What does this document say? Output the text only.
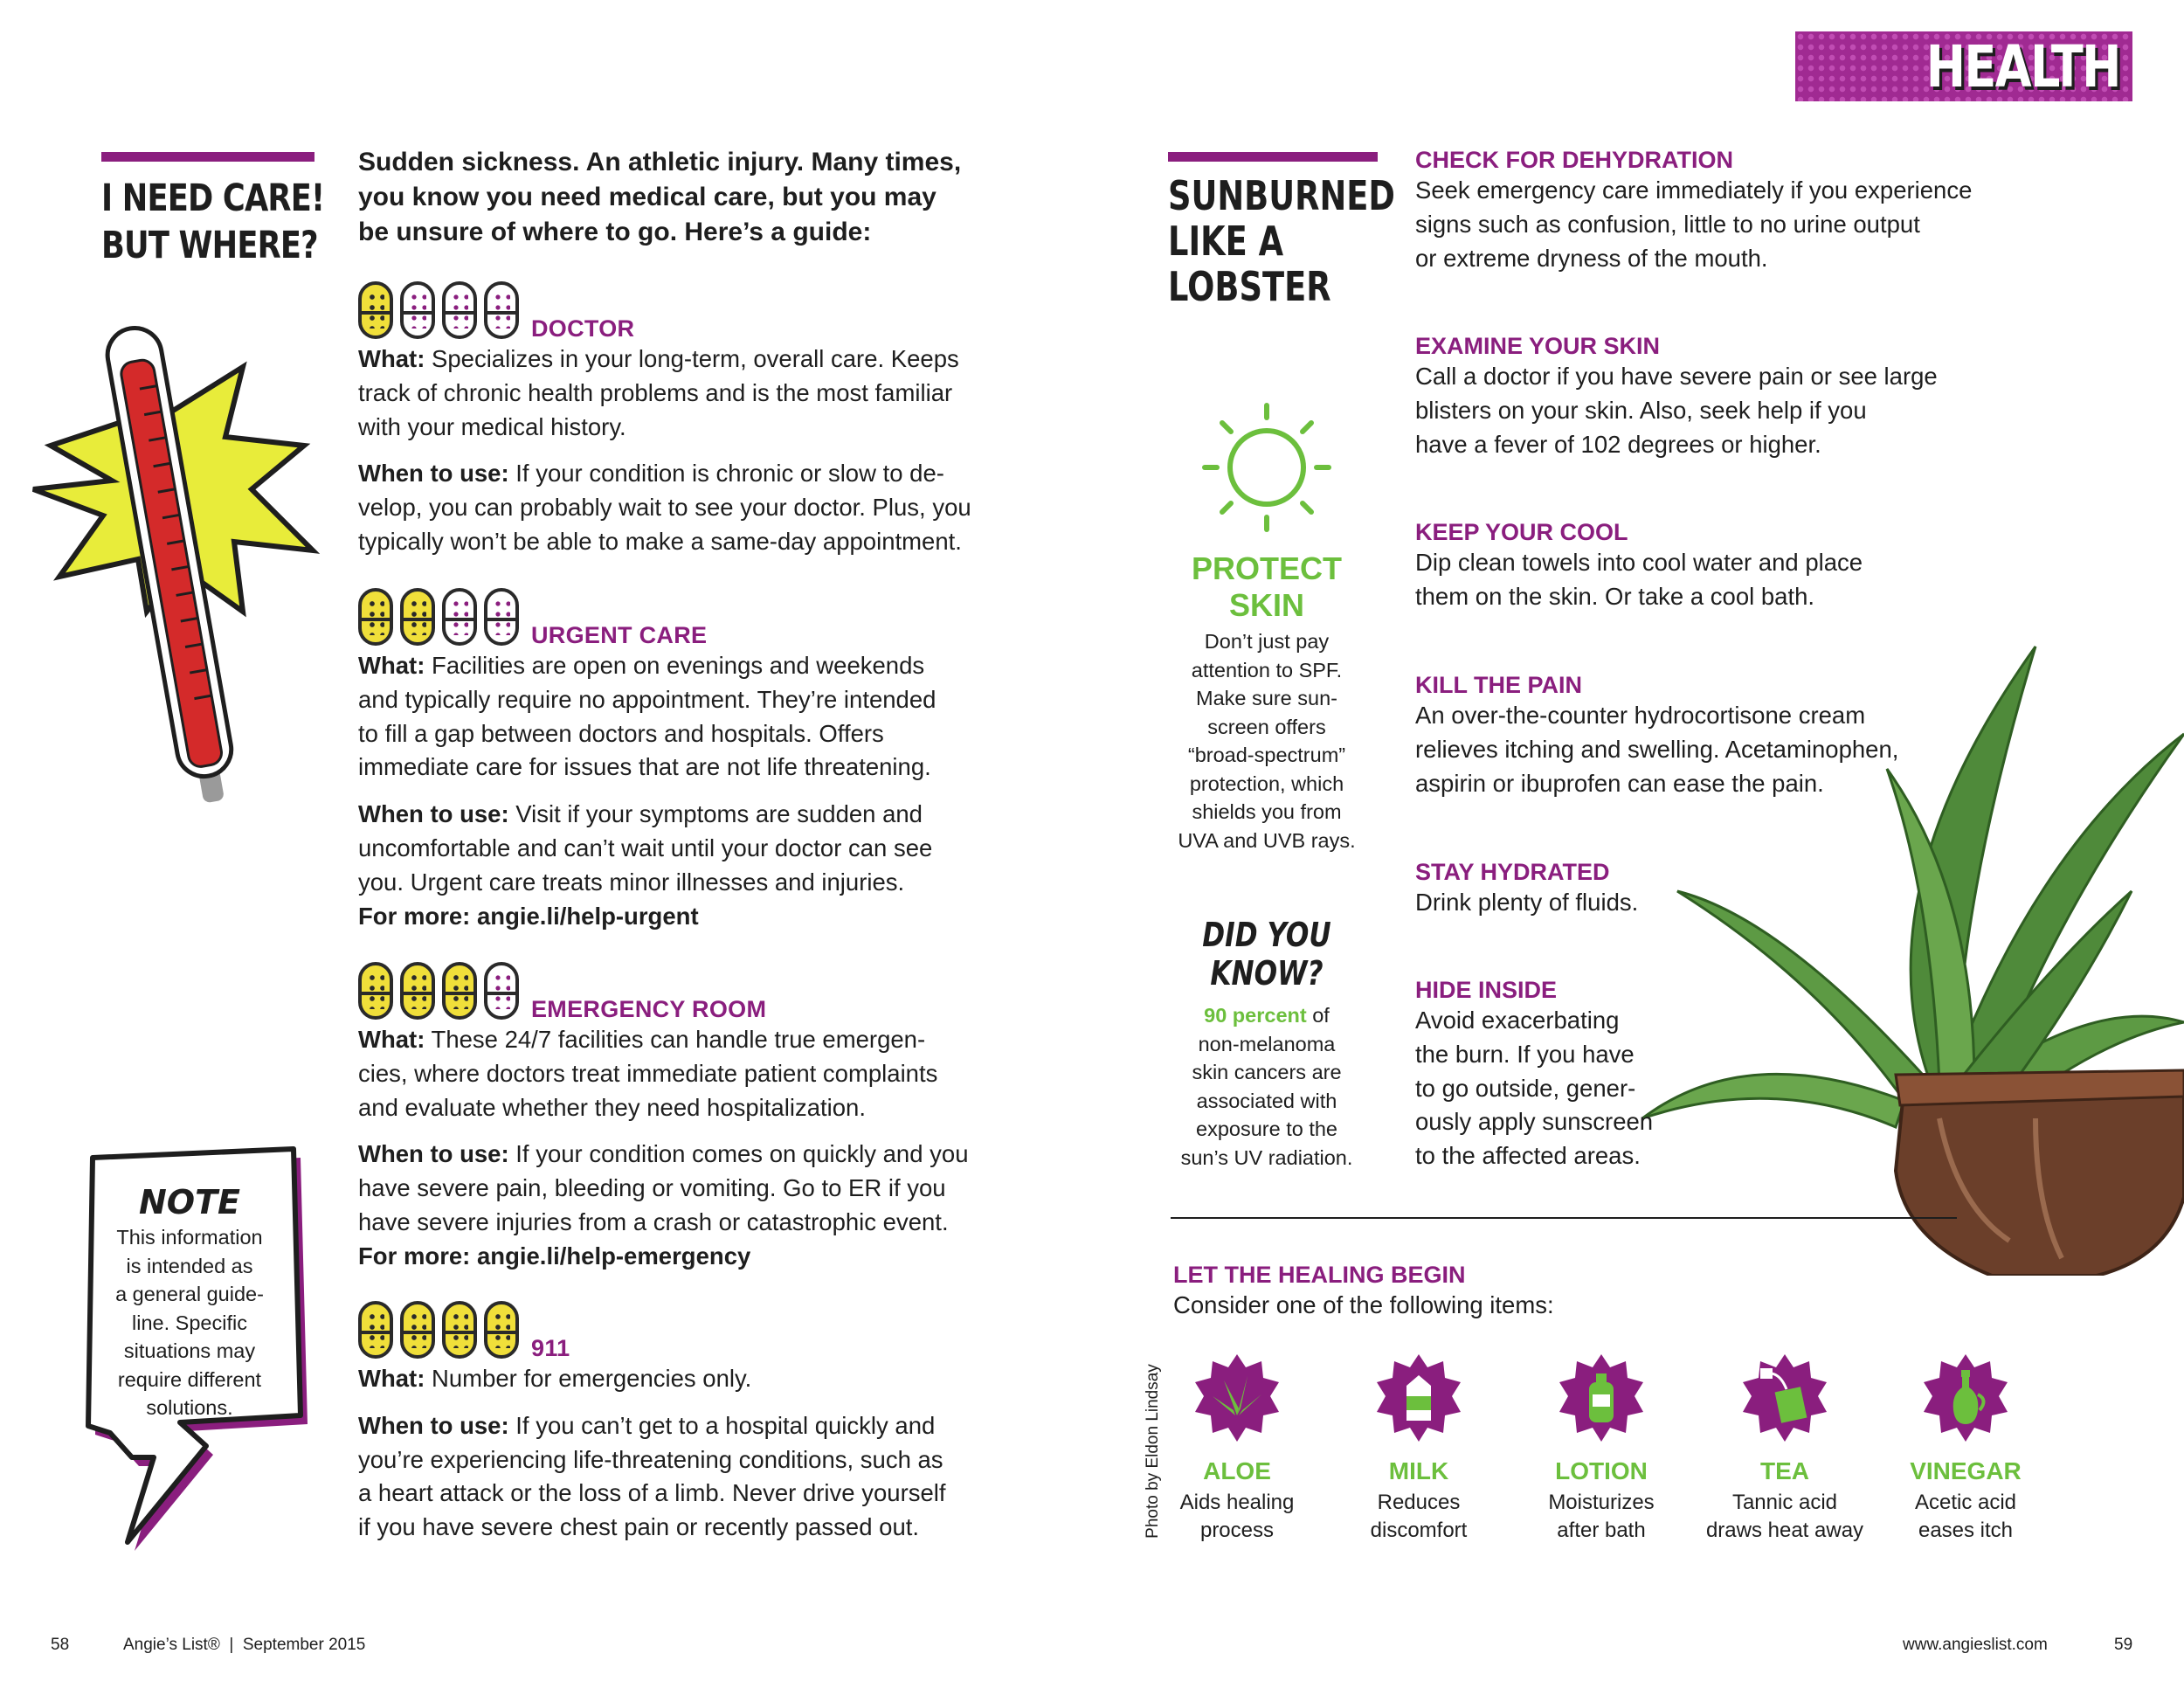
HEALTH
I NEED CARE!
BUT WHERE?
Sudden sickness. An athletic injury. Many times,
you know you need medical care, but you may
be unsure of where to go. Here’s a guide:
NOTE
This information
is intended as
a general guide-
line. Specific
situations may
require different
solutions.
DOCTOR
What: Specializes in your long-term, overall care. Keeps
track of chronic health problems and is the most familiar
with your medical history.
When to use: If your condition is chronic or slow to de-
velop, you can probably wait to see your doctor. Plus, you
typically won’t be able to make a same-day appointment.
URGENT CARE
What: Facilities are open on evenings and weekends
and typically require no appointment. They’re intended
to fill a gap between doctors and hospitals. Offers
immediate care for issues that are not life threatening.
When to use: Visit if your symptoms are sudden and
uncomfortable and can’t wait until your doctor can see
you. Urgent care treats minor illnesses and injuries.
For more: angie.li/help-urgent
EMERGENCY ROOM
What: These 24/7 facilities can handle true emergen-
cies, where doctors treat immediate patient complaints
and evaluate whether they need hospitalization.
When to use: If your condition comes on quickly and you
have severe pain, bleeding or vomiting. Go to ER if you
have severe injuries from a crash or catastrophic event.
For more: angie.li/help-emergency
911
What: Number for emergencies only.
When to use: If you can’t get to a hospital quickly and
you’re experiencing life-threatening conditions, such as
a heart attack or the loss of a limb. Never drive yourself
if you have severe chest pain or recently passed out.
SUNBURNED
LIKE A
LOBSTER
PROTECT
SKIN
Don’t just pay
attention to SPF.
Make sure sun-
screen offers
“broad-spectrum”
protection, which
shields you from
UVA and UVB rays.
DID YOU
KNOW?
90 percent of
non-melanoma
skin cancers are
associated with
exposure to the
sun’s UV radiation.
CHECK FOR DEHYDRATION
Seek emergency care immediately if you experience
signs such as confusion, little to no urine output
or extreme dryness of the mouth.
EXAMINE YOUR SKIN
Call a doctor if you have severe pain or see large
blisters on your skin. Also, seek help if you
have a fever of 102 degrees or higher.
KEEP YOUR COOL
Dip clean towels into cool water and place
them on the skin. Or take a cool bath.
KILL THE PAIN
An over-the-counter hydrocortisone cream
relieves itching and swelling. Acetaminophen,
aspirin or ibuprofen can ease the pain.
STAY HYDRATED
Drink plenty of fluids.
HIDE INSIDE
Avoid exacerbating
the burn. If you have
to go outside, gener-
ously apply sunscreen
to the affected areas.
LET THE HEALING BEGIN
Consider one of the following items:
Photo by Eldon Lindsay	ALOE
Aids healing
process
MILK
Reduces
discomfort
LOTION
Moisturizes
after bath
TEA
Tannic acid
draws heat away
VINEGAR
Acetic acid
eases itch
58	Angie’s List®  |  September 2015	www.angieslist.com	59
